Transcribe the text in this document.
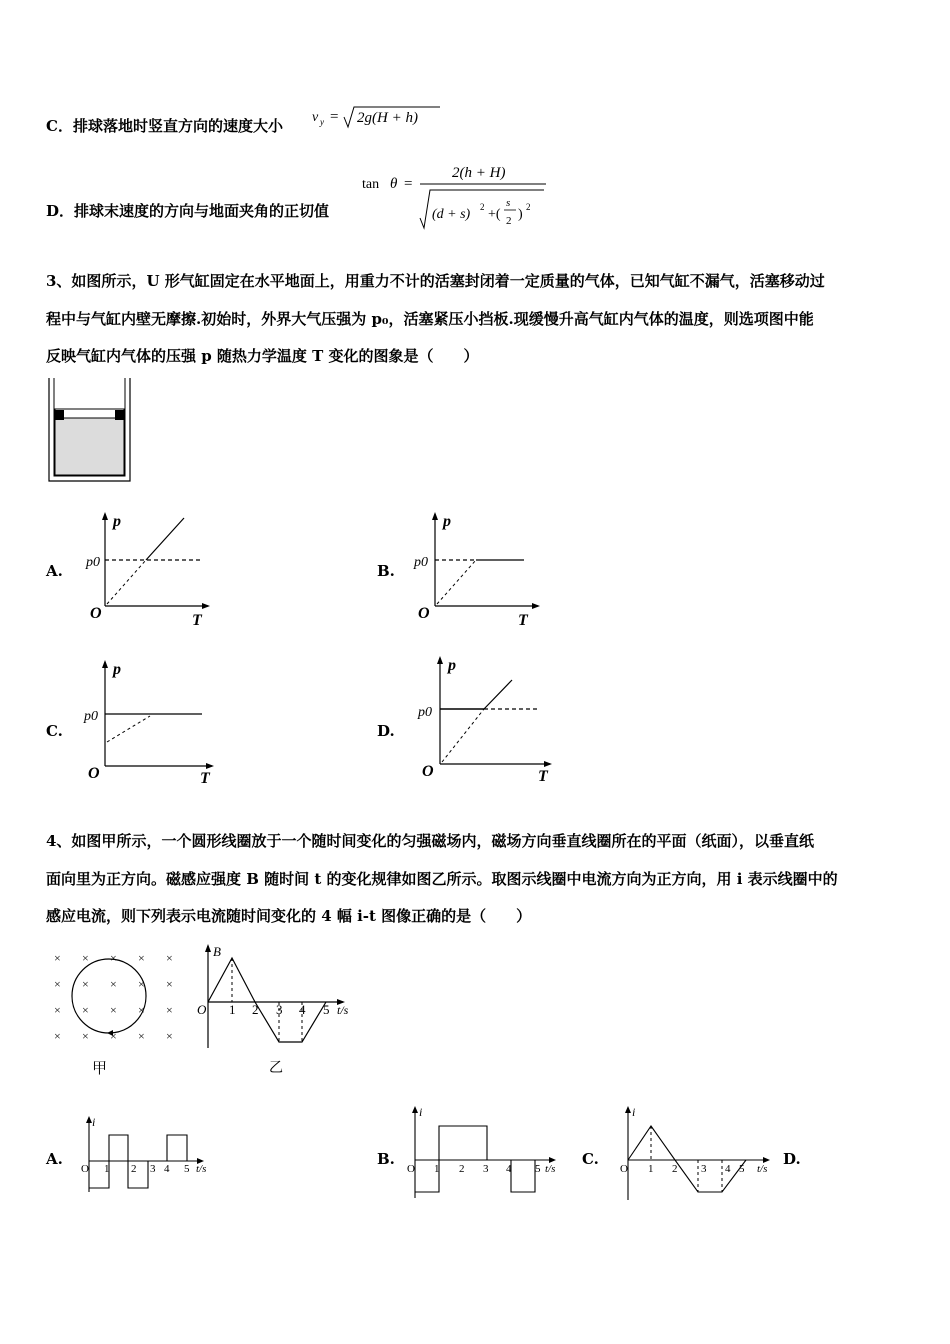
C．排球落地时竖直方向的速度大小 v y = 2g(H + h)
D．排球末速度的方向与地面夹角的正切值
tan θ =
2(h + H)
(d + s) 2 +(
s
2 ) 2
3、如图所示，U 形气缸固定在水平地面上，用重力不计的活塞封闭着一定质量的气体，已知气缸不漏气，活塞移动过
程中与气缸内壁无摩擦.初始时，外界大气压强为 p₀，活塞紧压小挡板.现缓慢升高气缸内气体的温度，则选项图中能
反映气缸内气体的压强 p 随热力学温度 T 变化的图象是（　　）
A.
p
T
O
p0	B.
p
T
O
p0
C.
p
T
O
p0
D.
p
T
O
p0
4、如图甲所示，一个圆形线圈放于一个随时间变化的匀强磁场内，磁场方向垂直线圈所在的平面（纸面），以垂直纸
面向里为正方向。磁感应强度 B 随时间 t 的变化规律如图乙所示。取图示线圈中电流方向为正方向，用 i 表示线圈中的
感应电流，则下列表示电流随时间变化的 4 幅 i-t 图像正确的是（　　）
甲
× × × × ×
× × × × ×
× × × × ×
× × × × ×
B
O	t/s
1 2 3 4 5
乙
A.
i
O	t/s
1 2 3 4 5
B.
i
O	t/s
1 2 3 4 5
C.
i
O	t/s
1 2 3 4 5
D.
